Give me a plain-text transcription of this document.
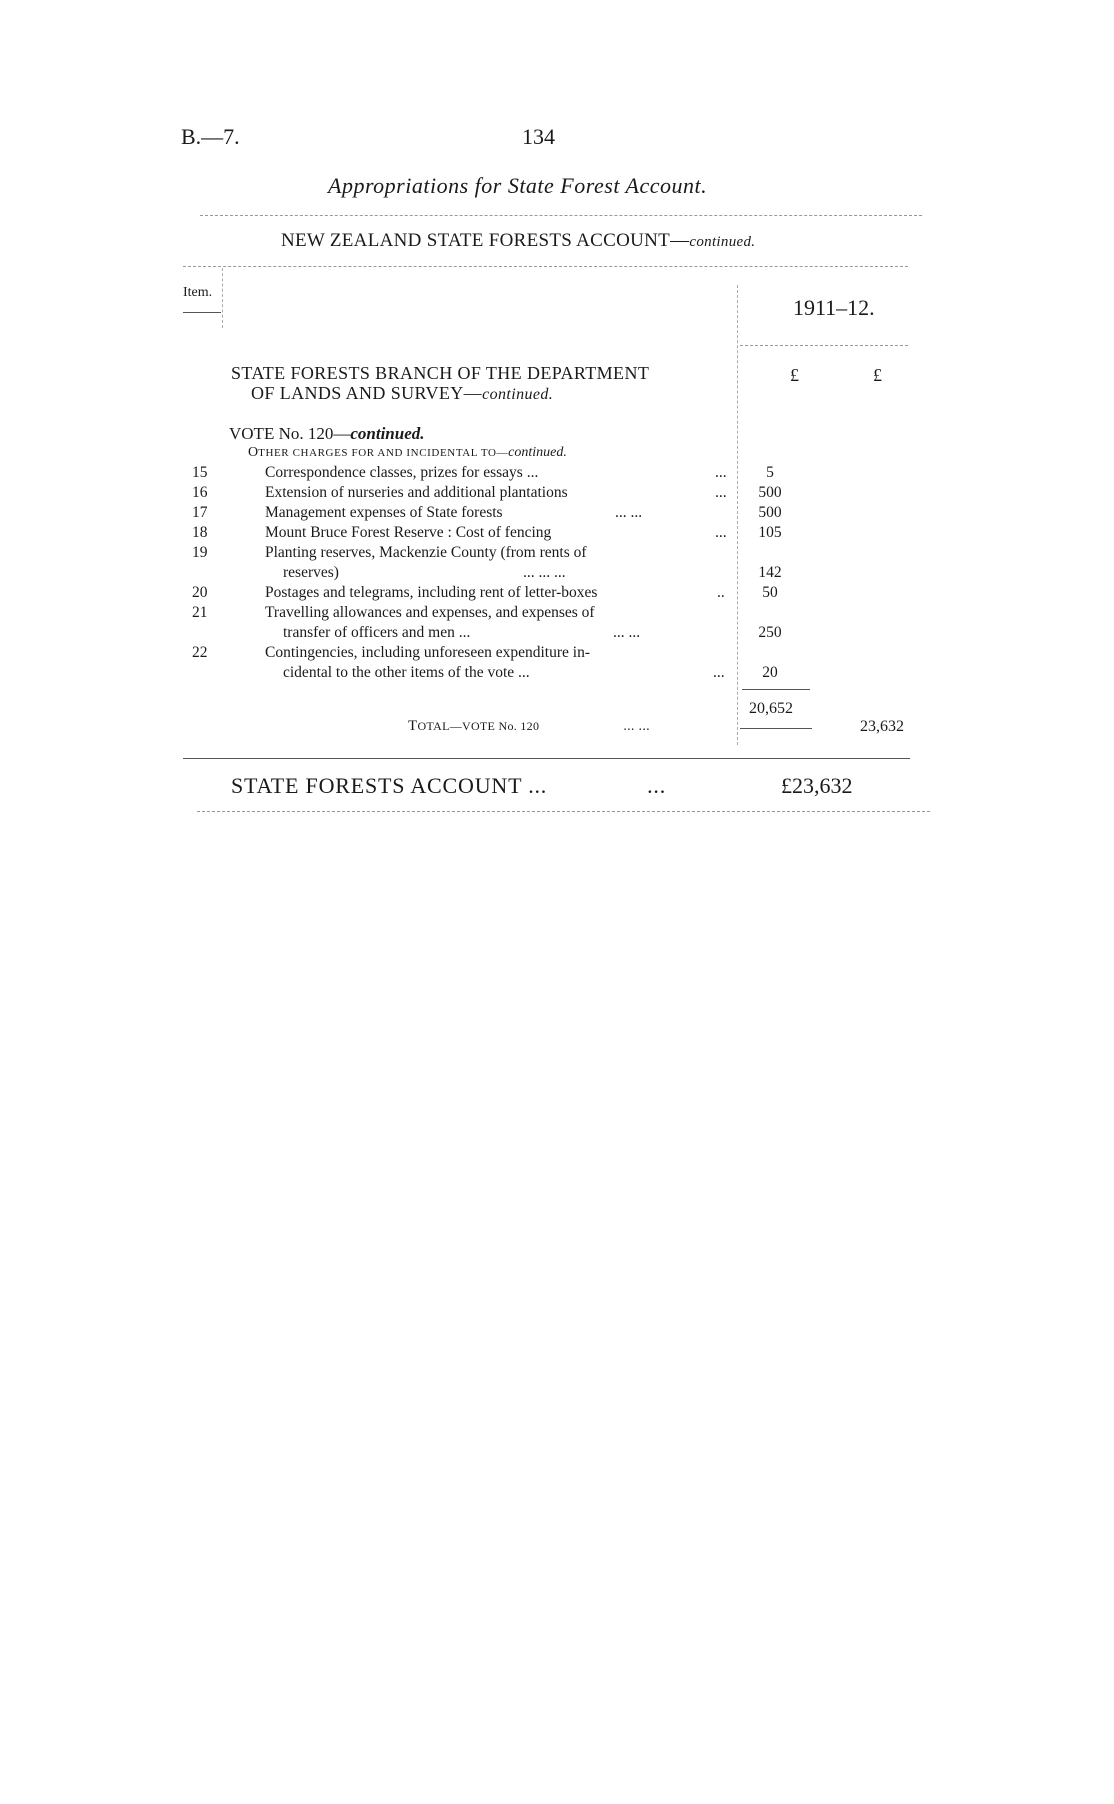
B.—7.	134
Appropriations for State Forest Account.
NEW ZEALAND STATE FORESTS ACCOUNT—continued.
Item.
1911–12.
STATE FORESTS BRANCH OF THE DEPARTMENT
OF LANDS AND SURVEY—continued.
£	£
VOTE No. 120—continued.
OTHER CHARGES FOR AND INCIDENTAL TO—continued.
15	Correspondence classes, prizes for essays ...	...	5
16	Extension of nurseries and additional plantations	...	500
17	Management expenses of State forests	... ...	500
18	Mount Bruce Forest Reserve : Cost of fencing	...	105
19	Planting reserves, Mackenzie County (from rents of
reserves)	... ... ...	142
20	Postages and telegrams, including rent of letter-boxes	..	50
21	Travelling allowances and expenses, and expenses of
transfer of officers and men ...	... ...	250
22	Contingencies, including unforeseen expenditure in-
cidental to the other items of the vote ...	...	20
20,652
TOTAL—VOTE No. 120	... ...	23,632
STATE FORESTS ACCOUNT ...	...	£23,632
